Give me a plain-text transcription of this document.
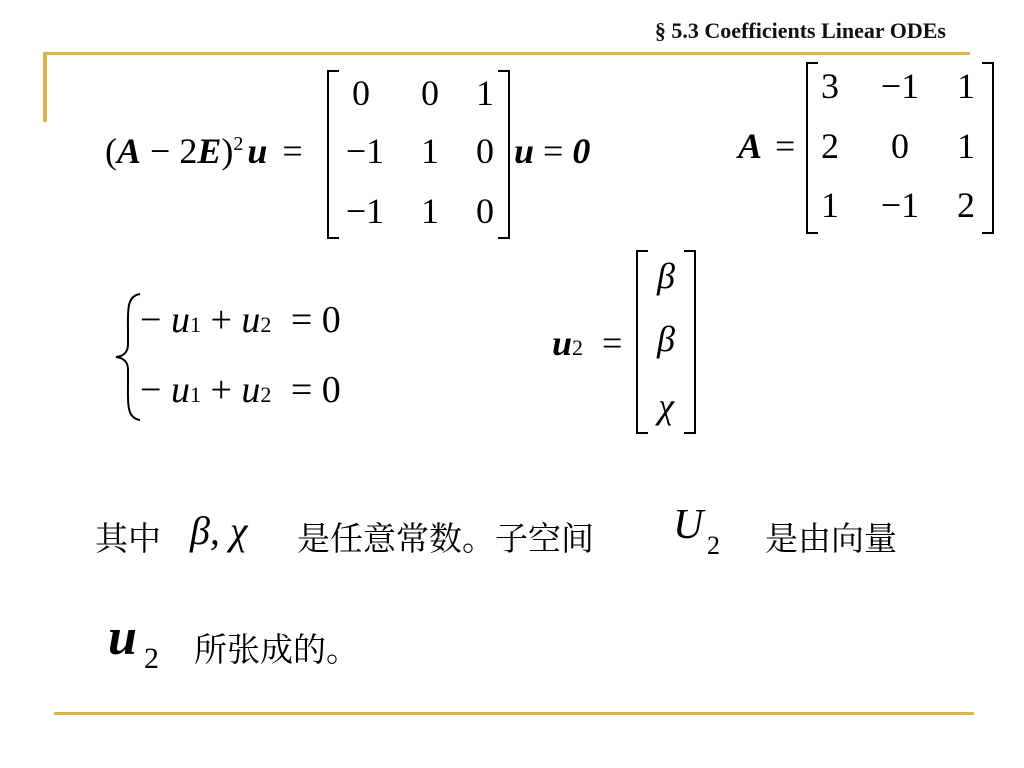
§ 5.3 Coefficients Linear ODEs
$(A - 2E)^2$ u =
0	0	1
−1	1	0
−1	1	0
u = 0	A =
3	−1	1
2	0	1
1	−1	2
− u1 + u2 = 0
− u1 + u2 = 0
u2 =
β
β
χ
其中 β, χ 是任意常数。子空间 U 2 是由向量
u 2 所张成的。
